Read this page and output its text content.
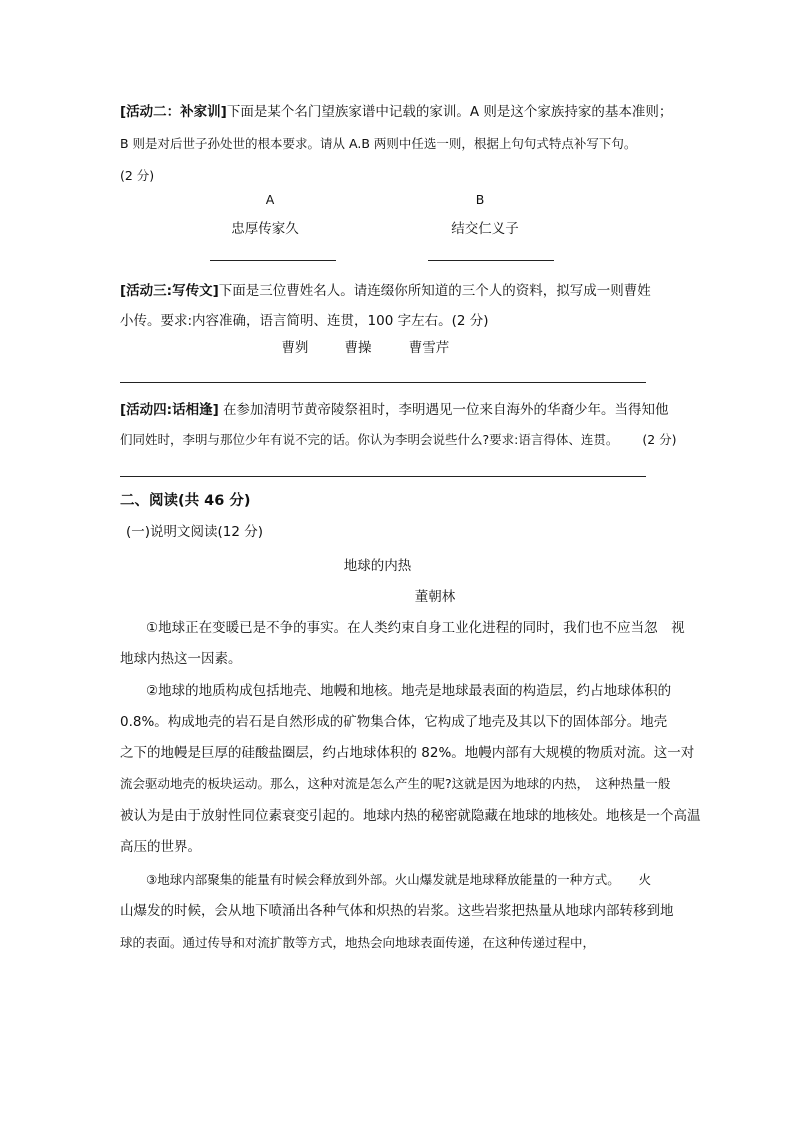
[活动二：补家训]下面是某个名门望族家谱中记载的家训。A 则是这个家族持家的基本准则；
B 则是对后世子孙处世的根本要求。请从 A.B 两则中任选一则，根据上句句式特点补写下句。
(2 分)
A	B
忠厚传家久	结交仁义子
[活动三:写传文]下面是三位曹姓名人。请连缀你所知道的三个人的资料，拟写成一则曹姓
小传。要求:内容准确，语言简明、连贯，100 字左右。(2 分)
曹刿	曹操	曹雪芹
[活动四:话相逢] 在参加清明节黄帝陵祭祖时，李明遇见一位来自海外的华裔少年。当得知他
们同姓时，李明与那位少年有说不完的话。你认为李明会说些什么?要求:语言得体、连贯。 (2 分)
二、阅读(共 46 分)
(一)说明文阅读(12 分)
地球的内热
董朝林
①地球正在变暖已是不争的事实。在人类约束自身工业化进程的同时，我们也不应当忽　视
地球内热这一因素。
②地球的地质构成包括地壳、地幔和地核。地壳是地球最表面的构造层，约占地球体积的
0.8%。构成地壳的岩石是自然形成的矿物集合体，它构成了地壳及其以下的固体部分。地壳
之下的地幔是巨厚的硅酸盐圈层，约占地球体积的 82%。地幔内部有大规模的物质对流。这一对
流会驱动地壳的板块运动。那么，这种对流是怎么产生的呢?这就是因为地球的内热，　这种热量一般
被认为是由于放射性同位素衰变引起的。地球内热的秘密就隐藏在地球的地核处。地核是一个高温
高压的世界。
③地球内部聚集的能量有时候会释放到外部。火山爆发就是地球释放能量的一种方式。　　火
山爆发的时候，会从地下喷涌出各种气体和炽热的岩浆。这些岩浆把热量从地球内部转移到地
球的表面。通过传导和对流扩散等方式，地热会向地球表面传递，在这种传递过程中，
